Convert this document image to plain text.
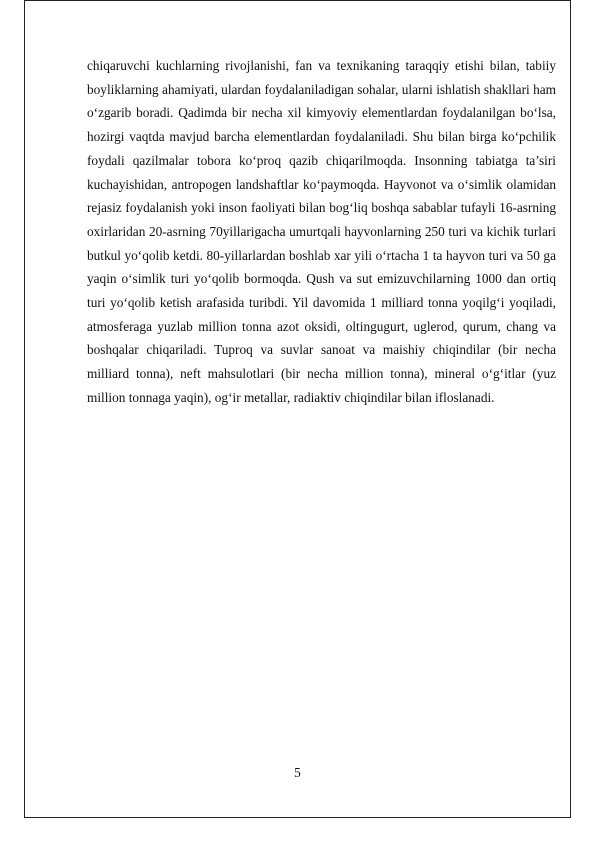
chiqaruvchi kuchlarning rivojlanishi, fan va texnikaning taraqqiy etishi bilan, tabiiy boyliklarning ahamiyati, ulardan foydalaniladigan sohalar, ularni ishlatish shakllari ham o‘zgarib boradi. Qadimda bir necha xil kimyoviy elementlardan foydalanilgan bo‘lsa, hozirgi vaqtda mavjud barcha elementlardan foydalaniladi. Shu bilan birga ko‘pchilik foydali qazilmalar tobora ko‘proq qazib chiqarilmoqda. Insonning tabiatga ta’siri kuchayishidan, antropogen landshaftlar ko‘paymoqda. Hayvonot va o‘simlik olamidan rejasiz foydalanish yoki inson faoliyati bilan bog‘liq boshqa sabablar tufayli 16-asrning oxirlaridan 20-asrning 70yillarigacha umurtqali hayvonlarning 250 turi va kichik turlari butkul yo‘qolib ketdi. 80-yillarlardan boshlab xar yili o‘rtacha 1 ta hayvon turi va 50 ga yaqin o‘simlik turi yo‘qolib bormoqda. Qush va sut emizuvchilarning 1000 dan ortiq turi yo‘qolib ketish arafasida turibdi. Yil davomida 1 milliard tonna yoqilg‘i yoqiladi, atmosferaga yuzlab million tonna azot oksidi, oltingugurt, uglerod, qurum, chang va boshqalar chiqariladi. Tuproq va suvlar sanoat va maishiy chiqindilar (bir necha milliard tonna), neft mahsulotlari (bir necha million tonna), mineral o‘g‘itlar (yuz million tonnaga yaqin), og‘ir metallar, radiaktiv chiqindilar bilan ifloslanadi.

5
